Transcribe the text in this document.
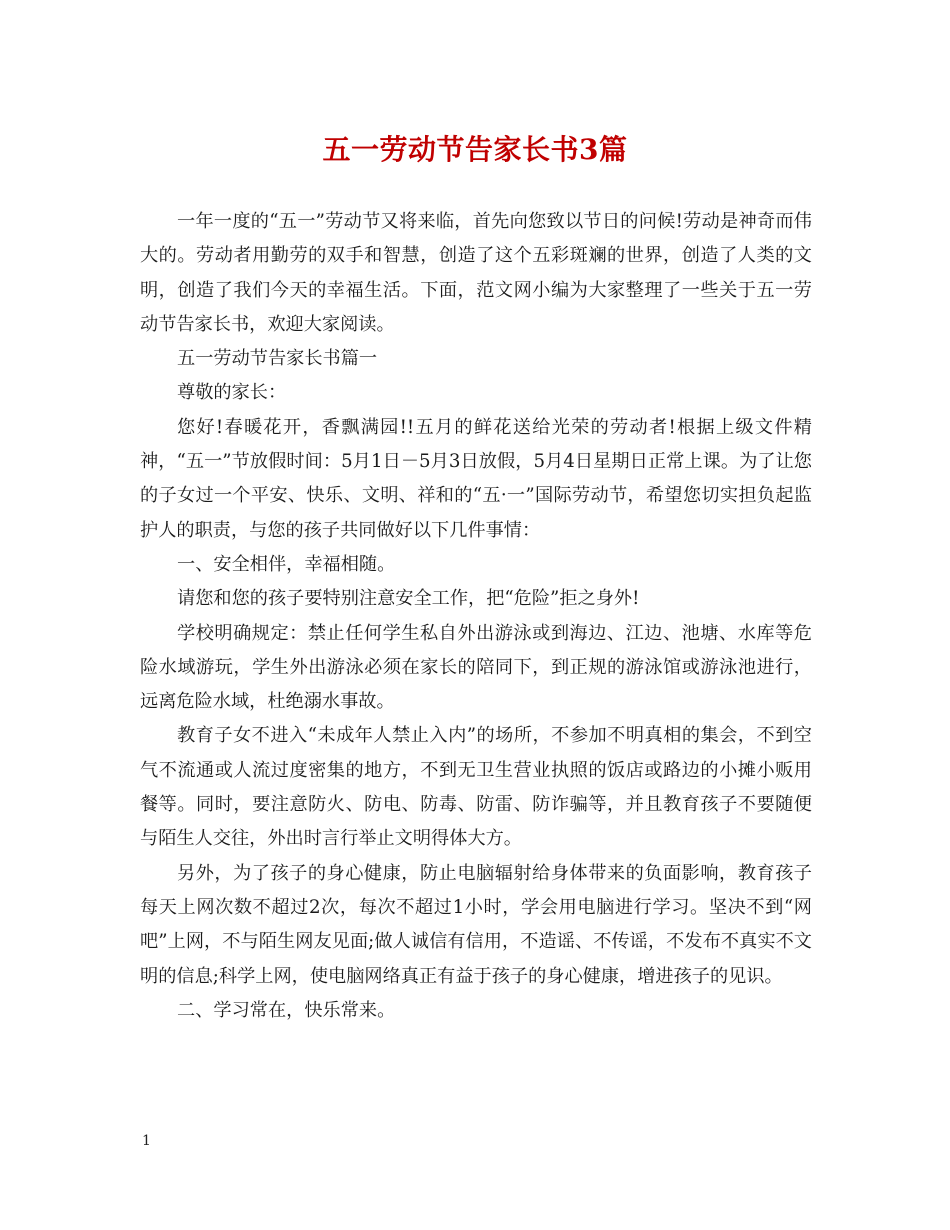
五一劳动节告家长书3篇

一年一度的“五一”劳动节又将来临，首先向您致以节日的问候!劳动是神奇而伟大的。劳动者用勤劳的双手和智慧，创造了这个五彩斑斓的世界，创造了人类的文明，创造了我们今天的幸福生活。下面，范文网小编为大家整理了一些关于五一劳动节告家长书，欢迎大家阅读。

五一劳动节告家长书篇一

尊敬的家长：

您好!春暖花开，香飘满园!!五月的鲜花送给光荣的劳动者!根据上级文件精神，“五一”节放假时间：5月1日－5月3日放假，5月4日星期日正常上课。为了让您的子女过一个平安、快乐、文明、祥和的“五·一”国际劳动节，希望您切实担负起监护人的职责，与您的孩子共同做好以下几件事情：

一、安全相伴，幸福相随。

请您和您的孩子要特别注意安全工作，把“危险”拒之身外!

学校明确规定：禁止任何学生私自外出游泳或到海边、江边、池塘、水库等危险水域游玩，学生外出游泳必须在家长的陪同下，到正规的游泳馆或游泳池进行，远离危险水域，杜绝溺水事故。

教育子女不进入“未成年人禁止入内”的场所，不参加不明真相的集会，不到空气不流通或人流过度密集的地方，不到无卫生营业执照的饭店或路边的小摊小贩用餐等。同时，要注意防火、防电、防毒、防雷、防诈骗等，并且教育孩子不要随便与陌生人交往，外出时言行举止文明得体大方。

另外，为了孩子的身心健康，防止电脑辐射给身体带来的负面影响，教育孩子每天上网次数不超过2次，每次不超过1小时，学会用电脑进行学习。坚决不到“网吧”上网，不与陌生网友见面;做人诚信有信用，不造谣、不传谣，不发布不真实不文明的信息;科学上网，使电脑网络真正有益于孩子的身心健康，增进孩子的见识。

二、学习常在，快乐常来。

1
